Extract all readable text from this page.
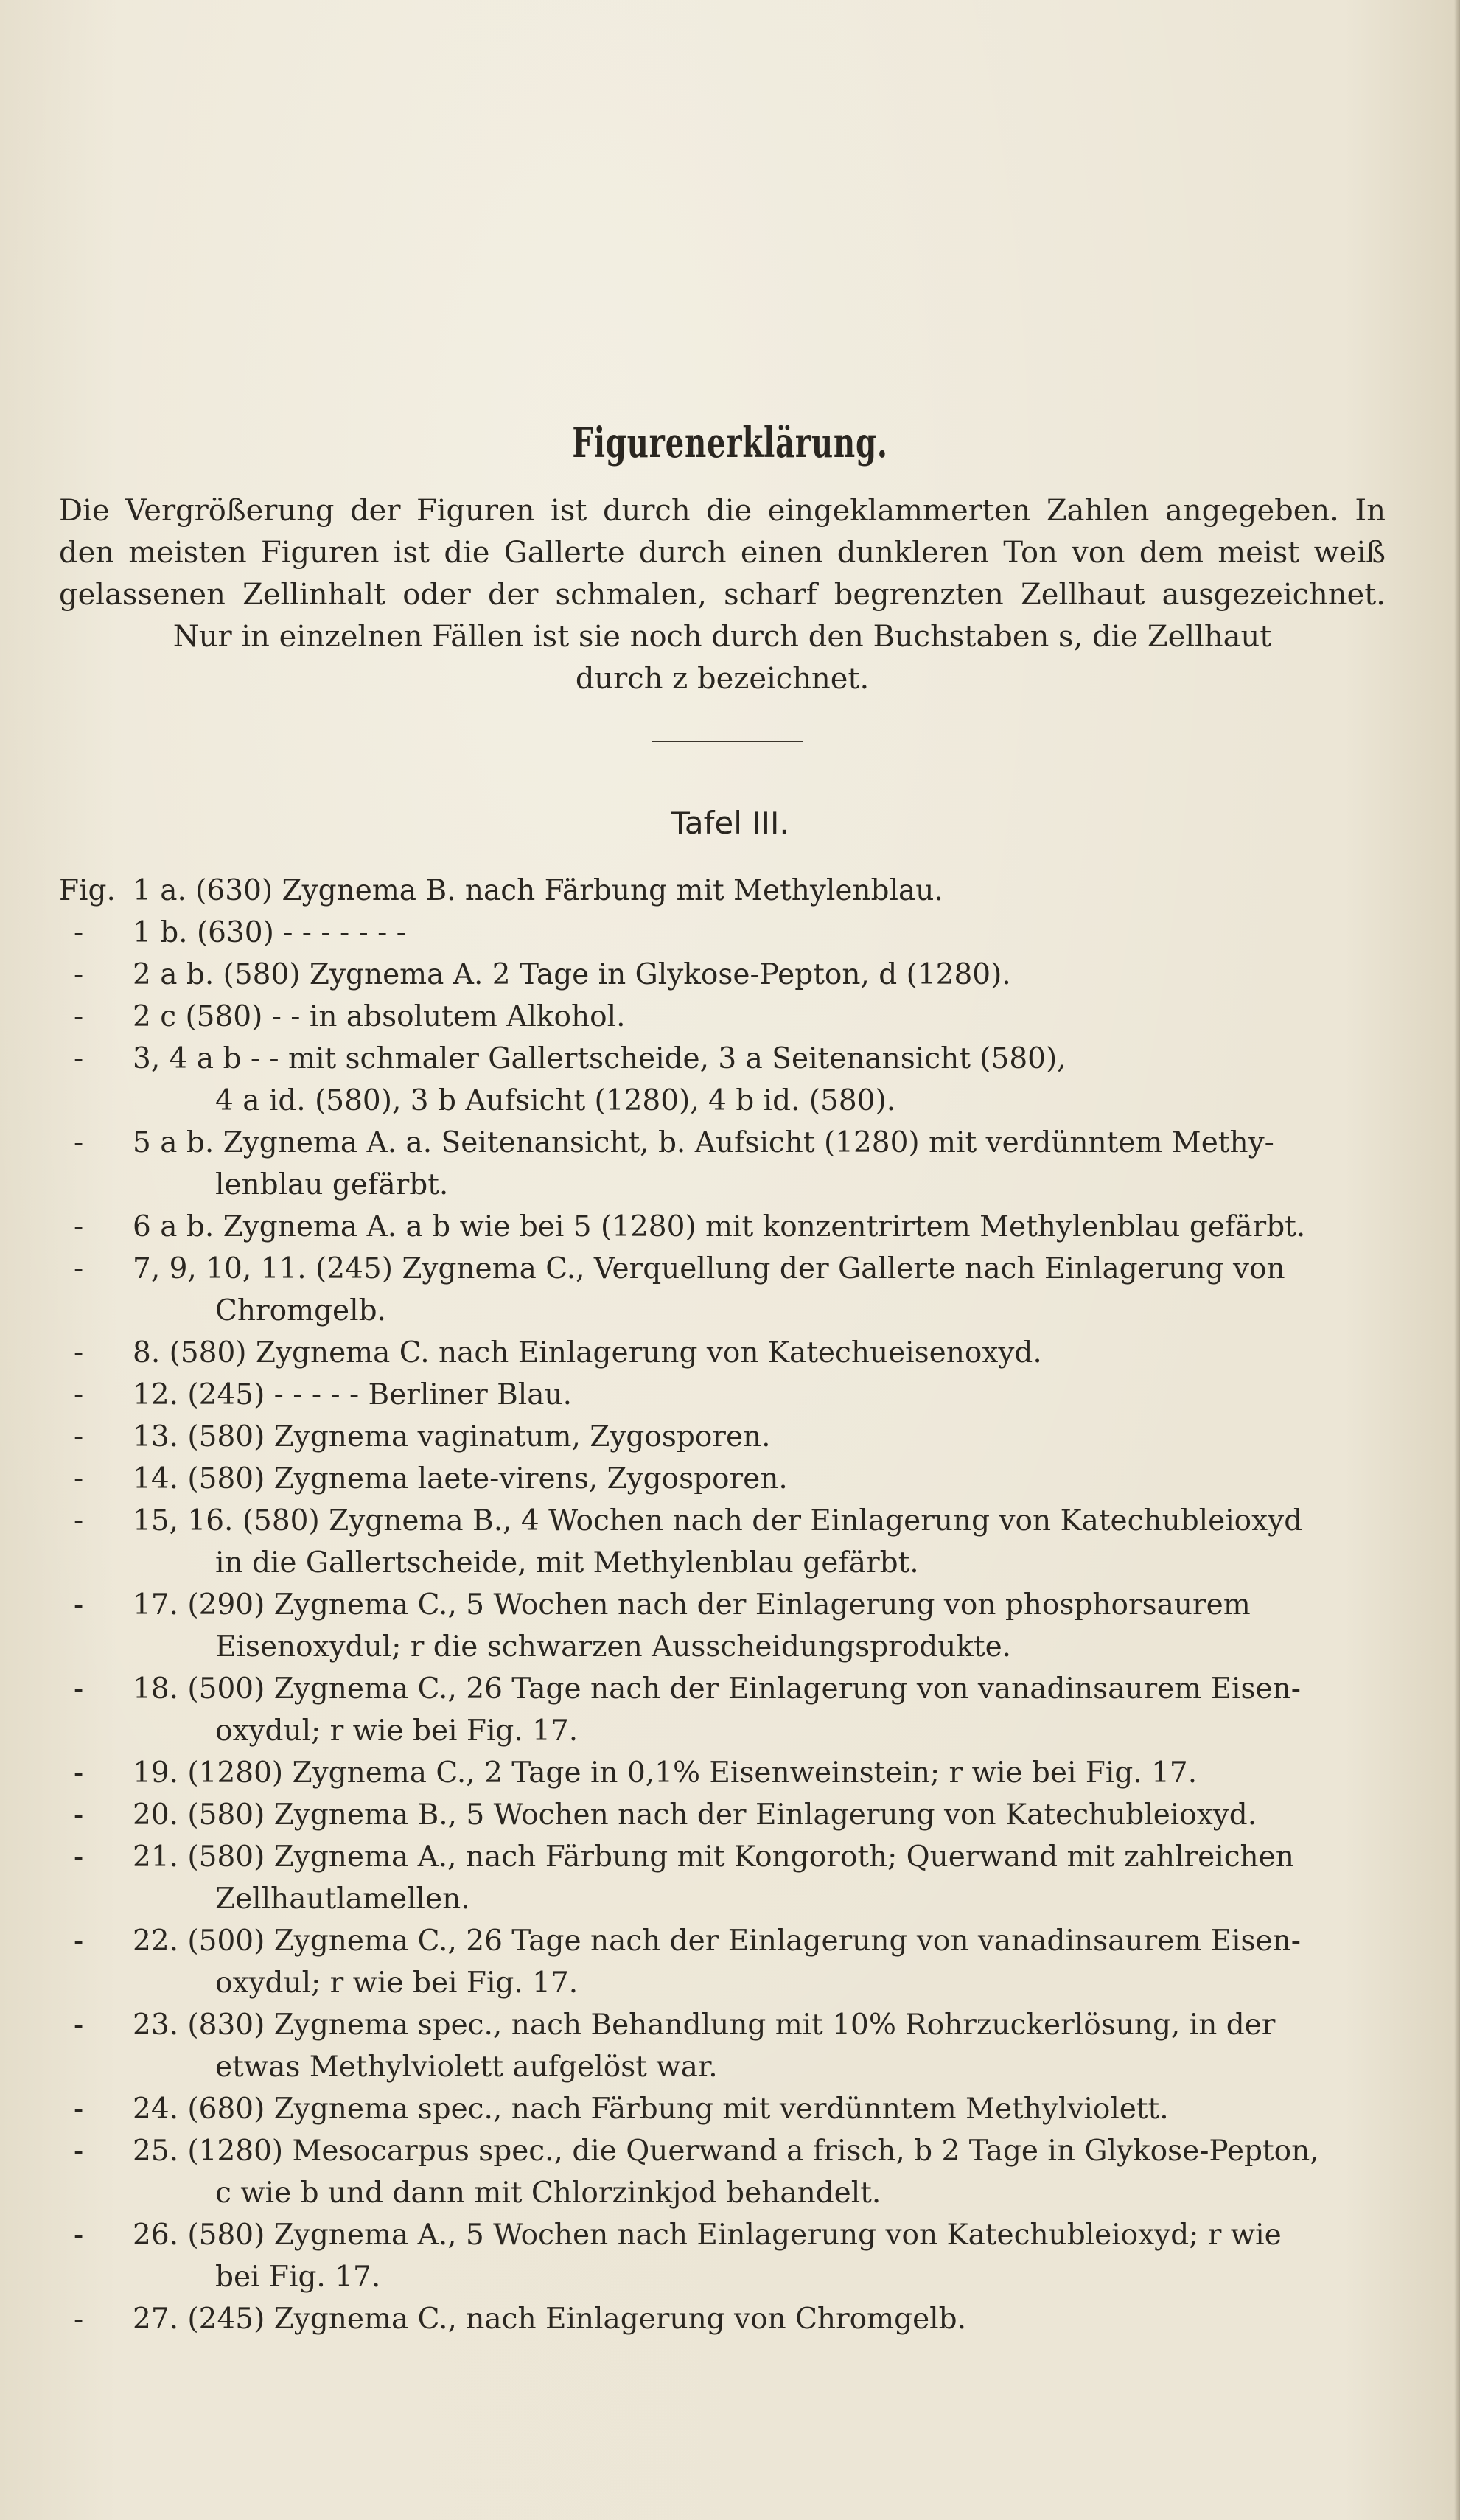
Figurenerklärung.
Die Vergrößerung der Figuren ist durch die eingeklammerten Zahlen angegeben. In
den meisten Figuren ist die Gallerte durch einen dunkleren Ton von dem meist weiß
gelassenen Zellinhalt oder der schmalen, scharf begrenzten Zellhaut ausgezeichnet.
Nur in einzelnen Fällen ist sie noch durch den Buchstaben s, die Zellhaut
durch z bezeichnet.
Tafel III.
Fig. 1 a. (630) Zygnema B. nach Färbung mit Methylenblau.
- 1 b. (630) - - - - - - -
- 2 a b. (580) Zygnema A. 2 Tage in Glykose-Pepton, d (1280).
- 2 c (580) - - in absolutem Alkohol.
- 3, 4 a b - - mit schmaler Gallertscheide, 3 a Seitenansicht (580),
4 a id. (580), 3 b Aufsicht (1280), 4 b id. (580).
- 5 a b. Zygnema A. a. Seitenansicht, b. Aufsicht (1280) mit verdünntem Methy-
lenblau gefärbt.
- 6 a b. Zygnema A. a b wie bei 5 (1280) mit konzentrirtem Methylenblau gefärbt.
- 7, 9, 10, 11. (245) Zygnema C., Verquellung der Gallerte nach Einlagerung von
Chromgelb.
- 8. (580) Zygnema C. nach Einlagerung von Katechueisenoxyd.
- 12. (245) - - - - - Berliner Blau.
- 13. (580) Zygnema vaginatum, Zygosporen.
- 14. (580) Zygnema laete-virens, Zygosporen.
- 15, 16. (580) Zygnema B., 4 Wochen nach der Einlagerung von Katechubleioxyd
in die Gallertscheide, mit Methylenblau gefärbt.
- 17. (290) Zygnema C., 5 Wochen nach der Einlagerung von phosphorsaurem
Eisenoxydul; r die schwarzen Ausscheidungsprodukte.
- 18. (500) Zygnema C., 26 Tage nach der Einlagerung von vanadinsaurem Eisen-
oxydul; r wie bei Fig. 17.
- 19. (1280) Zygnema C., 2 Tage in 0,1% Eisenweinstein; r wie bei Fig. 17.
- 20. (580) Zygnema B., 5 Wochen nach der Einlagerung von Katechubleioxyd.
- 21. (580) Zygnema A., nach Färbung mit Kongoroth; Querwand mit zahlreichen
Zellhautlamellen.
- 22. (500) Zygnema C., 26 Tage nach der Einlagerung von vanadinsaurem Eisen-
oxydul; r wie bei Fig. 17.
- 23. (830) Zygnema spec., nach Behandlung mit 10% Rohrzuckerlösung, in der
etwas Methylviolett aufgelöst war.
- 24. (680) Zygnema spec., nach Färbung mit verdünntem Methylviolett.
- 25. (1280) Mesocarpus spec., die Querwand a frisch, b 2 Tage in Glykose-Pepton,
c wie b und dann mit Chlorzinkjod behandelt.
- 26. (580) Zygnema A., 5 Wochen nach Einlagerung von Katechubleioxyd; r wie
bei Fig. 17.
- 27. (245) Zygnema C., nach Einlagerung von Chromgelb.
